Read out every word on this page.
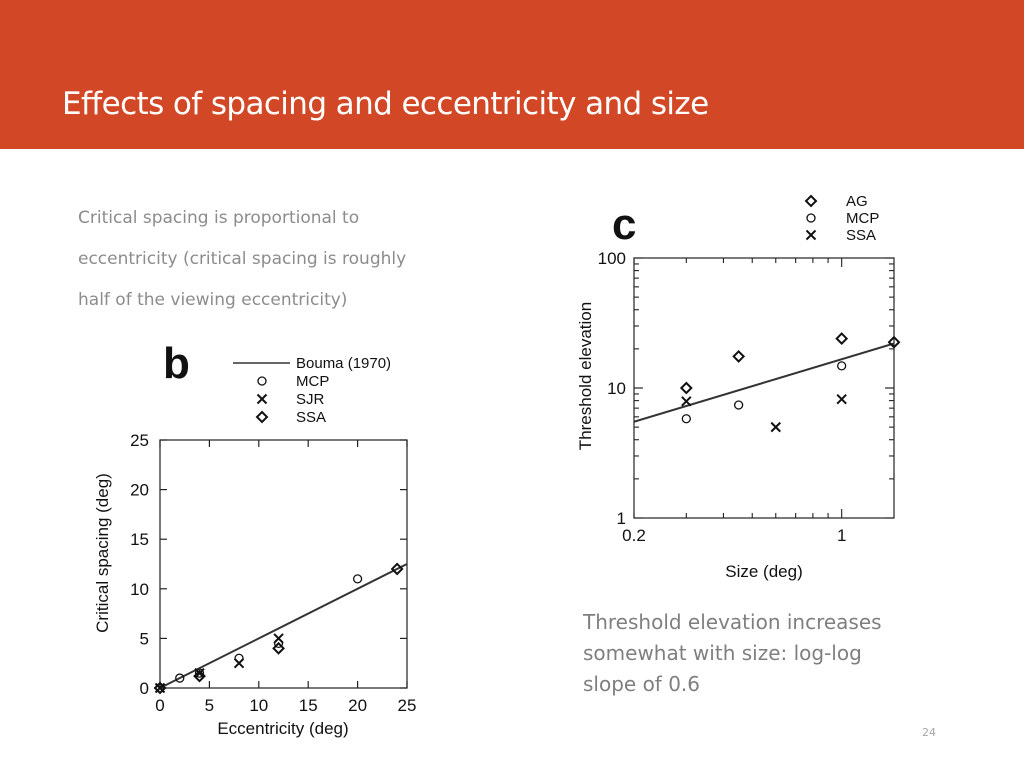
Effects of spacing and eccentricity and size
Critical spacing is proportional to
eccentricity (critical spacing is roughly
half of the viewing eccentricity)
Threshold elevation increases
somewhat with size: log-log
slope of 0.6
24
b
0 5 10 15 20 25
0
5
10
15
20
25
Eccentricity (deg)
Critical spacing (deg)
Bouma (1970)
MCP
SJR
SSA
c
1
10
100
0.2	1
Size (deg)
Threshold elevation
AG
MCP
SSA
